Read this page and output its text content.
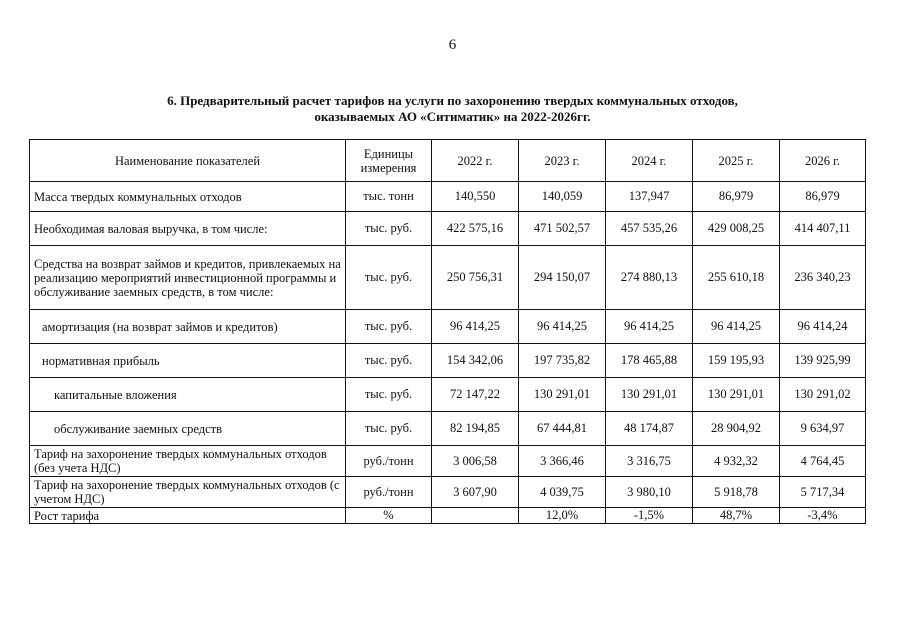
6
6. Предварительный расчет тарифов на услуги по захоронению твердых коммунальных отходов,
оказываемых АО «Ситиматик» на 2022-2026гг.
Наименование показателей	Единицы измерения	2022 г.	2023 г.	2024 г.	2025 г.	2026 г.
Масса твердых коммунальных отходов	тыс. тонн	140,550	140,059	137,947	86,979	86,979
Необходимая валовая выручка, в том числе:	тыс. руб.	422 575,16	471 502,57	457 535,26	429 008,25	414 407,11
Средства на возврат займов и кредитов, привлекаемых на реализацию мероприятий инвестиционной программы и обслуживание заемных средств, в том числе:	тыс. руб.	250 756,31	294 150,07	274 880,13	255 610,18	236 340,23
амортизация (на возврат займов и кредитов)	тыс. руб.	96 414,25	96 414,25	96 414,25	96 414,25	96 414,24
нормативная прибыль	тыс. руб.	154 342,06	197 735,82	178 465,88	159 195,93	139 925,99
капитальные вложения	тыс. руб.	72 147,22	130 291,01	130 291,01	130 291,01	130 291,02
обслуживание заемных средств	тыс. руб.	82 194,85	67 444,81	48 174,87	28 904,92	9 634,97
Тариф на захоронение твердых коммунальных отходов (без учета НДС)	руб./тонн	3 006,58	3 366,46	3 316,75	4 932,32	4 764,45
Тариф на захоронение твердых коммунальных отходов (с учетом НДС)	руб./тонн	3 607,90	4 039,75	3 980,10	5 918,78	5 717,34
Рост тарифа	%		12,0%	-1,5%	48,7%	-3,4%
